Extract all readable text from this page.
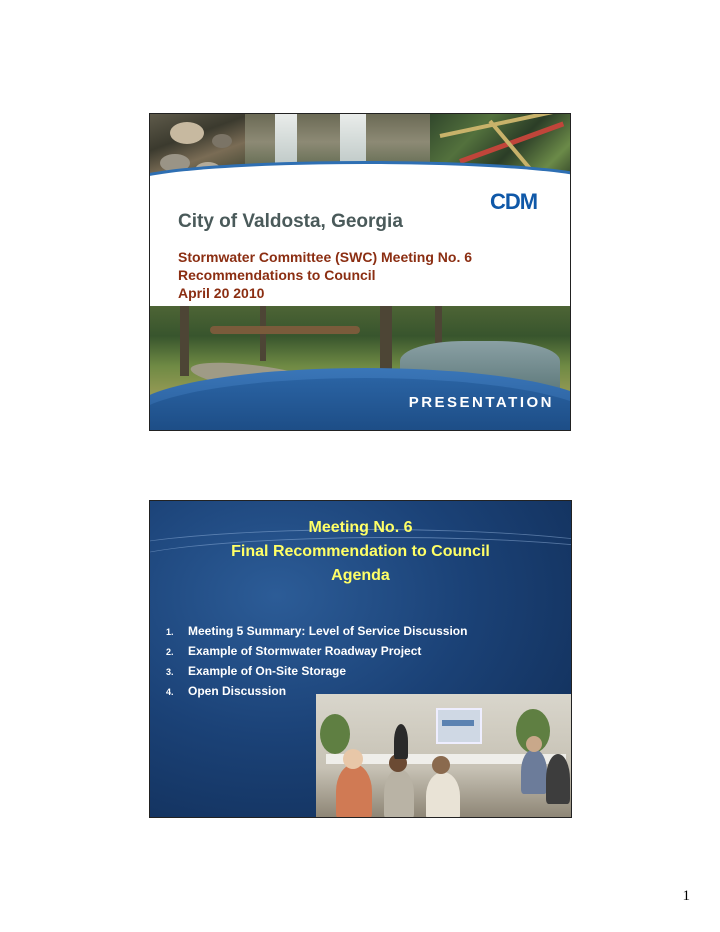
CDM
City of Valdosta, Georgia
Stormwater Committee (SWC) Meeting No. 6
Recommendations to Council
April 20 2010
PRESENTATION
Meeting No. 6
Final Recommendation to Council
Agenda
1. Meeting 5 Summary: Level of Service Discussion
2. Example of Stormwater Roadway Project
3. Example of On-Site Storage
4. Open Discussion
1
